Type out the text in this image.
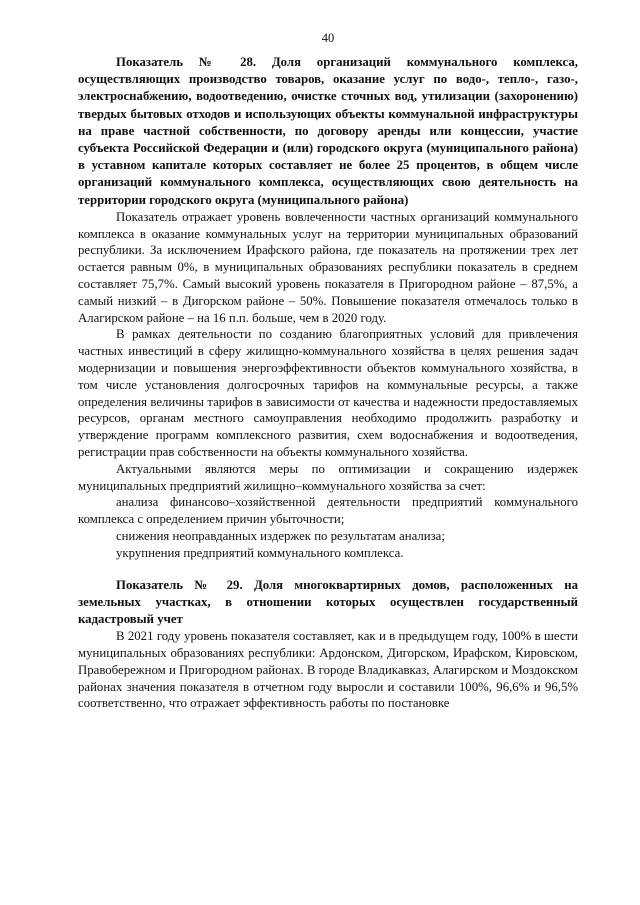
40

Показатель № 28. Доля организаций коммунального комплекса, осуществляющих производство товаров, оказание услуг по водо-, тепло-, газо-, электроснабжению, водоотведению, очистке сточных вод, утилизации (захоронению) твердых бытовых отходов и использующих объекты коммунальной инфраструктуры на праве частной собственности, по договору аренды или концессии, участие субъекта Российской Федерации и (или) городского округа (муниципального района) в уставном капитале которых составляет не более 25 процентов, в общем числе организаций коммунального комплекса, осуществляющих свою деятельность на территории городского округа (муниципального района)

Показатель отражает уровень вовлеченности частных организаций коммунального комплекса в оказание коммунальных услуг на территории муниципальных образований республики. За исключением Ирафского района, где показатель на протяжении трех лет остается равным 0%, в муниципальных образованиях республики показатель в среднем составляет 75,7%. Самый высокий уровень показателя в Пригородном районе – 87,5%, а самый низкий – в Дигорском районе – 50%. Повышение показателя отмечалось только в Алагирском районе – на 16 п.п. больше, чем в 2020 году.

В рамках деятельности по созданию благоприятных условий для привлечения частных инвестиций в сферу жилищно-коммунального хозяйства в целях решения задач модернизации и повышения энергоэффективности объектов коммунального хозяйства, в том числе установления долгосрочных тарифов на коммунальные ресурсы, а также определения величины тарифов в зависимости от качества и надежности предоставляемых ресурсов, органам местного самоуправления необходимо продолжить разработку и утверждение программ комплексного развития, схем водоснабжения и водоотведения, регистрации прав собственности на объекты коммунального хозяйства.

Актуальными являются меры по оптимизации и сокращению издержек муниципальных предприятий жилищно–коммунального хозяйства за счет:

анализа финансово–хозяйственной деятельности предприятий коммунального комплекса с определением причин убыточности;

снижения неоправданных издержек по результатам анализа;

укрупнения предприятий коммунального комплекса.

Показатель № 29. Доля многоквартирных домов, расположенных на земельных участках, в отношении которых осуществлен государственный кадастровый учет

В 2021 году уровень показателя составляет, как и в предыдущем году, 100% в шести муниципальных образованиях республики: Ардонском, Дигорском, Ирафском, Кировском, Правобережном и Пригородном районах. В городе Владикавказ, Алагирском и Моздокском районах значения показателя в отчетном году выросли и составили 100%, 96,6% и 96,5% соответственно, что отражает эффективность работы по постановке
